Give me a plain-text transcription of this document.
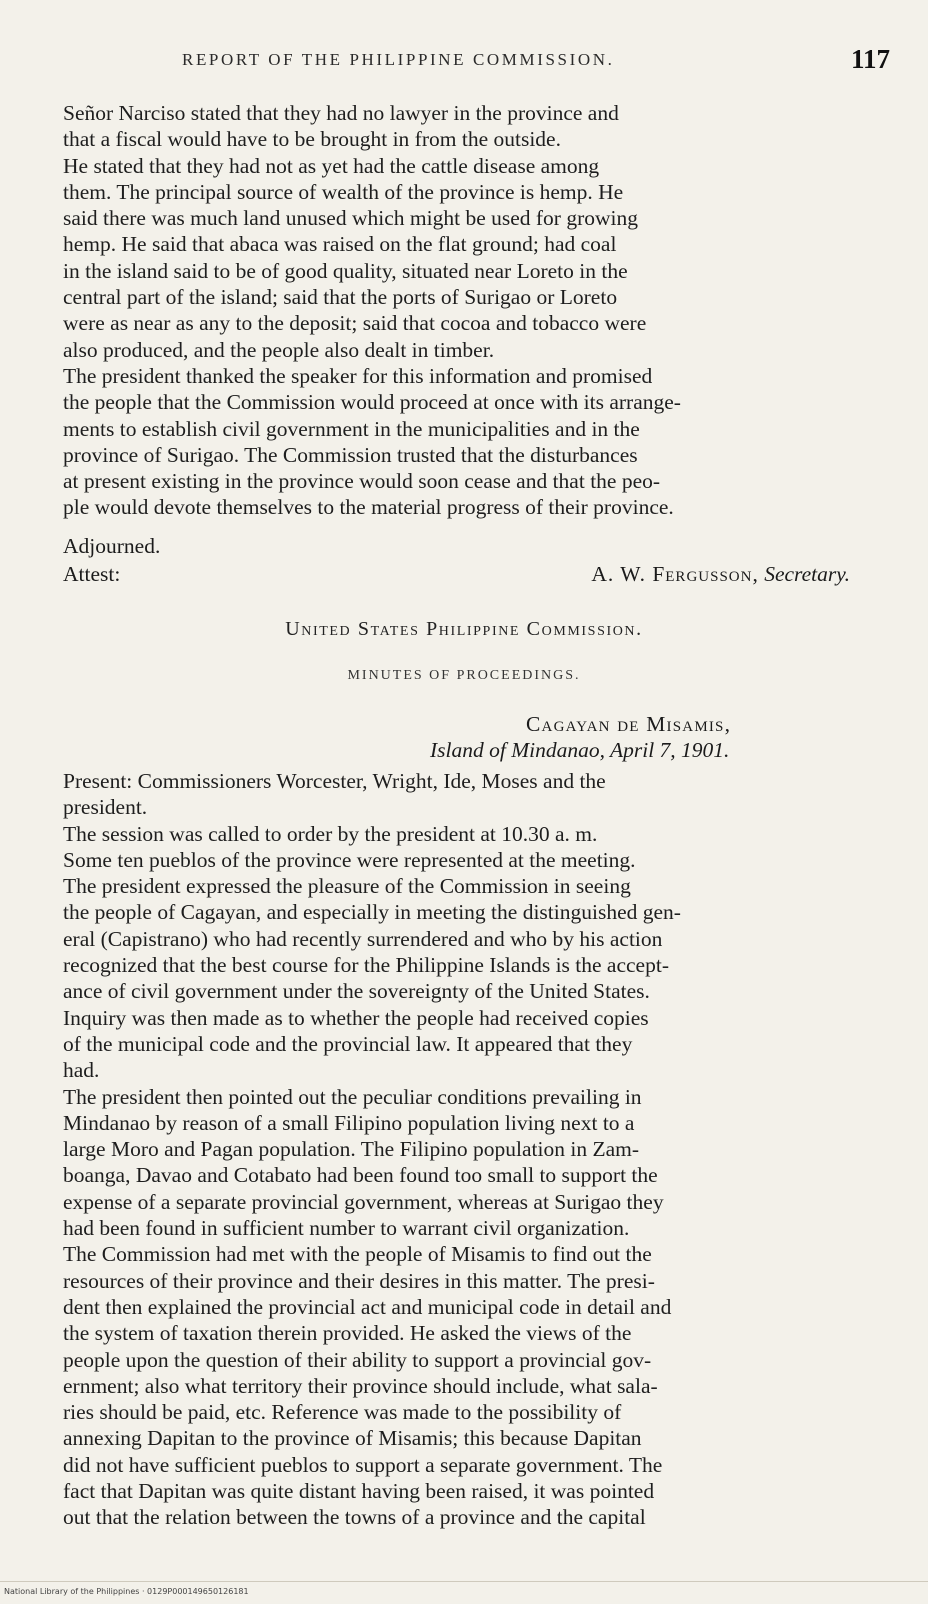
REPORT OF THE PHILIPPINE COMMISSION.	117
Señor Narciso stated that they had no lawyer in the province and
that a fiscal would have to be brought in from the outside.
He stated that they had not as yet had the cattle disease among
them. The principal source of wealth of the province is hemp. He
said there was much land unused which might be used for growing
hemp. He said that abaca was raised on the flat ground; had coal
in the island said to be of good quality, situated near Loreto in the
central part of the island; said that the ports of Surigao or Loreto
were as near as any to the deposit; said that cocoa and tobacco were
also produced, and the people also dealt in timber.
The president thanked the speaker for this information and promised
the people that the Commission would proceed at once with its arrange-
ments to establish civil government in the municipalities and in the
province of Surigao. The Commission trusted that the disturbances
at present existing in the province would soon cease and that the peo-
ple would devote themselves to the material progress of their province.
Adjourned.
Attest:	A. W. Fergusson, Secretary.
United States Philippine Commission.
MINUTES OF PROCEEDINGS.
Cagayan de Misamis,
Island of Mindanao, April 7, 1901.
Present: Commissioners Worcester, Wright, Ide, Moses and the
president.
The session was called to order by the president at 10.30 a. m.
Some ten pueblos of the province were represented at the meeting.
The president expressed the pleasure of the Commission in seeing
the people of Cagayan, and especially in meeting the distinguished gen-
eral (Capistrano) who had recently surrendered and who by his action
recognized that the best course for the Philippine Islands is the accept-
ance of civil government under the sovereignty of the United States.
Inquiry was then made as to whether the people had received copies
of the municipal code and the provincial law. It appeared that they
had.
The president then pointed out the peculiar conditions prevailing in
Mindanao by reason of a small Filipino population living next to a
large Moro and Pagan population. The Filipino population in Zam-
boanga, Davao and Cotabato had been found too small to support the
expense of a separate provincial government, whereas at Surigao they
had been found in sufficient number to warrant civil organization.
The Commission had met with the people of Misamis to find out the
resources of their province and their desires in this matter. The presi-
dent then explained the provincial act and municipal code in detail and
the system of taxation therein provided. He asked the views of the
people upon the question of their ability to support a provincial gov-
ernment; also what territory their province should include, what sala-
ries should be paid, etc. Reference was made to the possibility of
annexing Dapitan to the province of Misamis; this because Dapitan
did not have sufficient pueblos to support a separate government. The
fact that Dapitan was quite distant having been raised, it was pointed
out that the relation between the towns of a province and the capital
National Library of the Philippines · 0129P000149650126181
